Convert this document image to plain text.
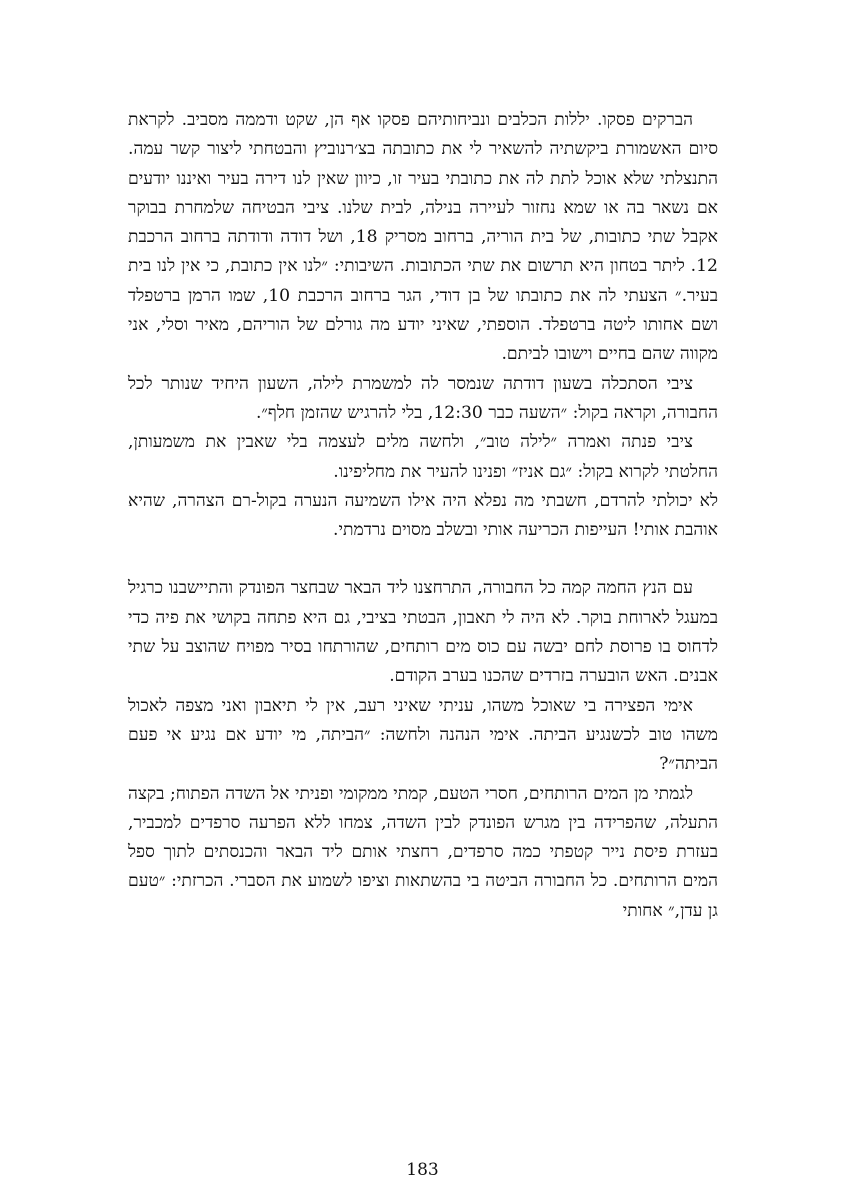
הברקים פסקו. יללות הכלבים ונביחותיהם פסקו אף הן, שקט ודממה מסביב. לקראת סיום האשמורת ביקשתיה להשאיר לי את כתובתה בצ׳רנוביץ והבטחתי ליצור קשר עמה. התנצלתי שלא אוכל לתת לה את כתובתי בעיר זו, כיוון שאין לנו דירה בעיר ואיננו יודעים אם נשאר בה או שמא נחזור לעיירה בנילה, לבית שלנו. ציבי הבטיחה שלמחרת בבוקר אקבל שתי כתובות, של בית הוריה, ברחוב מסריק 18, ושל דודה ודודתה ברחוב הרכבת 12. ליתר בטחון היא תרשום את שתי הכתובות. השיבותי: ״לנו אין כתובת, כי אין לנו בית בעיר.״ הצעתי לה את כתובתו של בן דודי, הגר ברחוב הרכבת 10, שמו הרמן ברטפלד ושם אחותו ליטה ברטפלד. הוספתי, שאיני יודע מה גורלם של הוריהם, מאיר וסלי, אני מקווה שהם בחיים וישובו לביתם.

ציבי הסתכלה בשעון דודתה שנמסר לה למשמרת לילה, השעון היחיד שנותר לכל החבורה, וקראה בקול: ״השעה כבר 12:30, בלי להרגיש שהזמן חלף״.

ציבי פנתה ואמרה ״לילה טוב״, ולחשה מלים לעצמה בלי שאבין את משמעותן, החלטתי לקרוא בקול: ״גם אניז״ ופנינו להעיר את מחליפינו.

לא יכולתי להרדם, חשבתי מה נפלא היה אילו השמיעה הנערה בקול-רם הצהרה, שהיא אוהבת אותי! העייפות הכריעה אותי ובשלב מסוים נרדמתי.

עם הנץ החמה קמה כל החבורה, התרחצנו ליד הבאר שבחצר הפונדק והתיישבנו כרגיל במעגל לארוחת בוקר. לא היה לי תאבון, הבטתי בציבי, גם היא פתחה בקושי את פיה כדי לדחוס בו פרוסת לחם יבשה עם כוס מים רותחים, שהורתחו בסיר מפויח שהוצב על שתי אבנים. האש הובערה בזרדים שהכנו בערב הקודם.

אימי הפצירה בי שאוכל משהו, עניתי שאיני רעב, אין לי תיאבון ואני מצפה לאכול משהו טוב לכשנגיע הביתה. אימי הנהנה ולחשה: ״הביתה, מי יודע אם נגיע אי פעם הביתה״?

לגמתי מן המים הרותחים, חסרי הטעם, קמתי ממקומי ופניתי אל השדה הפתוח; בקצה התעלה, שהפרידה בין מגרש הפונדק לבין השדה, צמחו ללא הפרעה סרפדים למכביר, בעזרת פיסת נייר קטפתי כמה סרפדים, רחצתי אותם ליד הבאר והכנסתים לתוך ספל המים הרותחים. כל החבורה הביטה בי בהשתאות וציפו לשמוע את הסברי. הכרזתי: ״טעם גן עדן,״ אחותי

183
